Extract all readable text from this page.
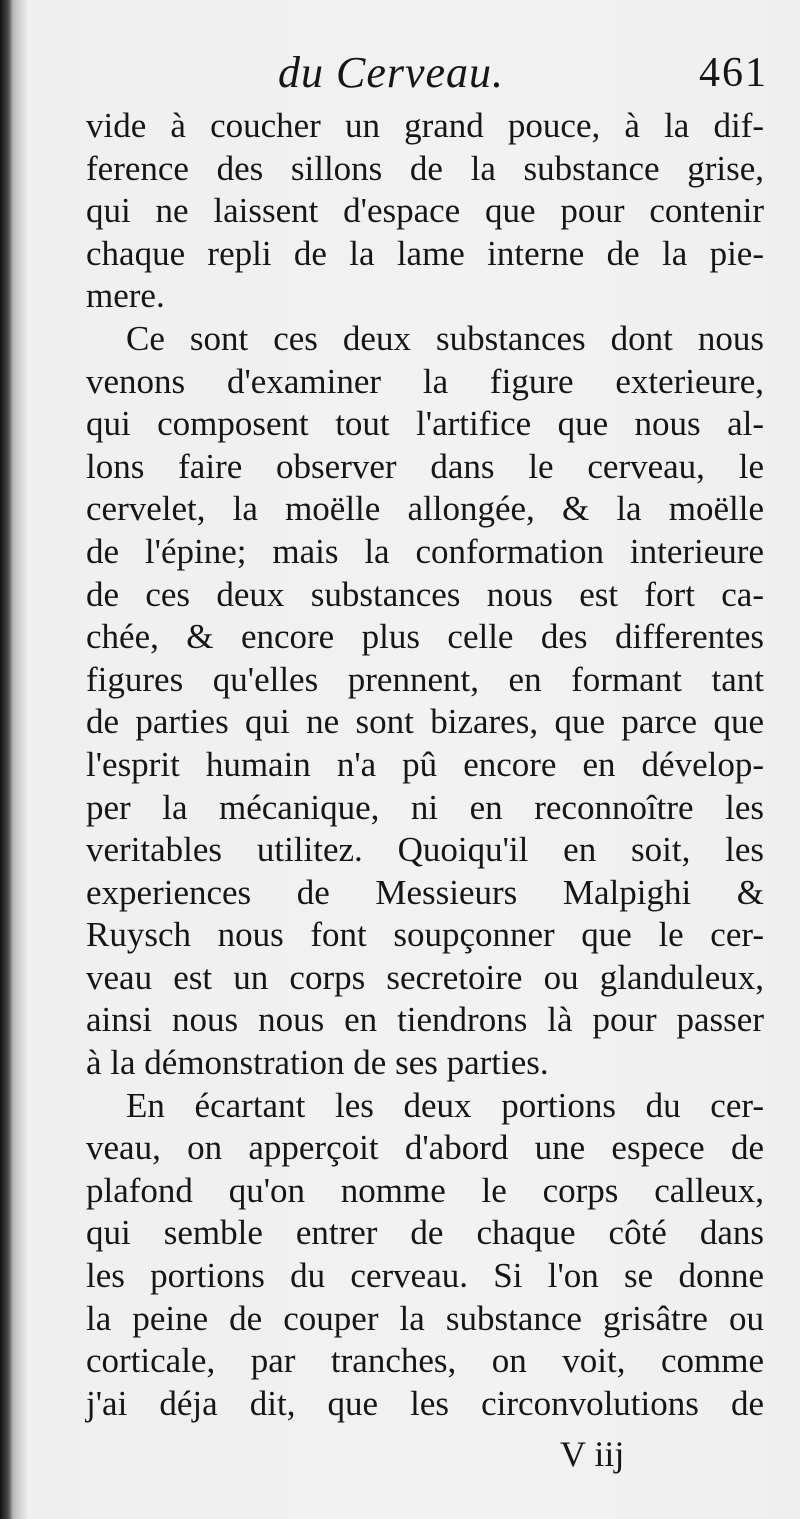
du Cerveau.	461
vide à coucher un grand pouce, à la dif-
ference des sillons de la substance grise,
qui ne laissent d'espace que pour contenir
chaque repli de la lame interne de la pie-
mere.
Ce sont ces deux substances dont nous
venons d'examiner la figure exterieure,
qui composent tout l'artifice que nous al-
lons faire observer dans le cerveau, le
cervelet, la moëlle allongée, & la moëlle
de l'épine; mais la conformation interieure
de ces deux substances nous est fort ca-
chée, & encore plus celle des differentes
figures qu'elles prennent, en formant tant
de parties qui ne sont bizares, que parce que
l'esprit humain n'a pû encore en dévelop-
per la mécanique, ni en reconnoître les
veritables utilitez. Quoiqu'il en soit, les
experiences de Messieurs Malpighi &
Ruysch nous font soupçonner que le cer-
veau est un corps secretoire ou glanduleux,
ainsi nous nous en tiendrons là pour passer
à la démonstration de ses parties.
En écartant les deux portions du cer-
veau, on apperçoit d'abord une espece de
plafond qu'on nomme le corps calleux,
qui semble entrer de chaque côté dans
les portions du cerveau. Si l'on se donne
la peine de couper la substance grisâtre ou
corticale, par tranches, on voit, comme
j'ai déja dit, que les circonvolutions de
V iij
